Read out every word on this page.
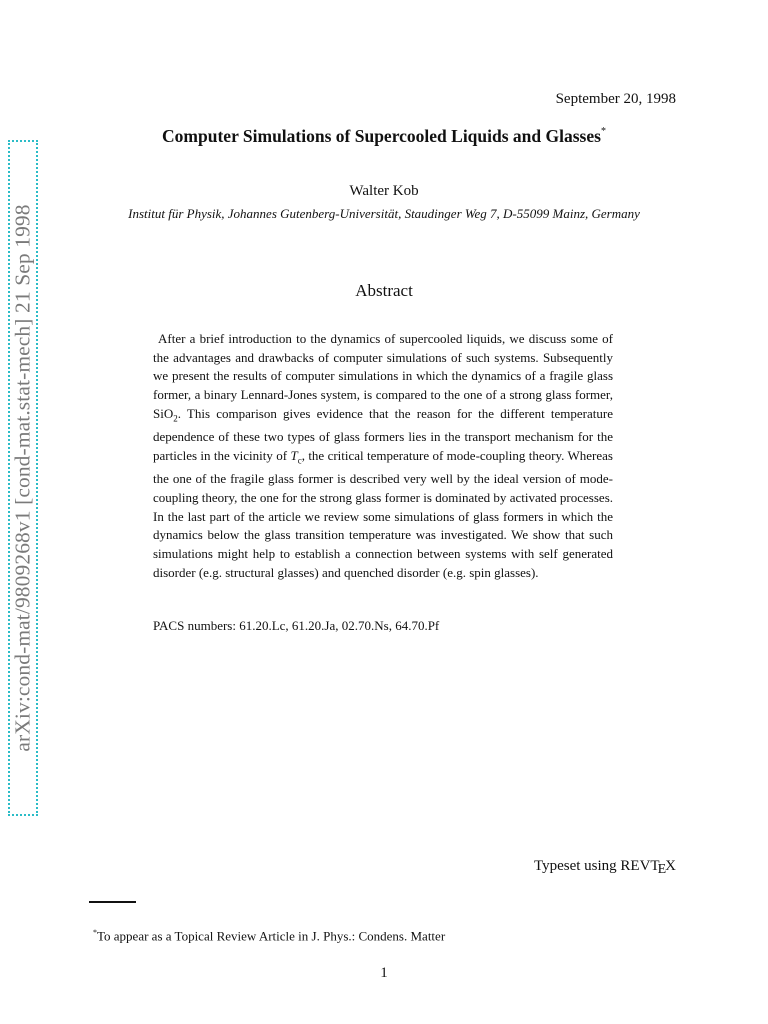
arXiv:cond-mat/9809268v1 [cond-mat.stat-mech] 21 Sep 1998
September 20, 1998
Computer Simulations of Supercooled Liquids and Glasses*
Walter Kob
Institut für Physik, Johannes Gutenberg-Universität, Staudinger Weg 7, D-55099 Mainz, Germany
Abstract
After a brief introduction to the dynamics of supercooled liquids, we discuss some of the advantages and drawbacks of computer simulations of such systems. Subsequently we present the results of computer simulations in which the dynamics of a fragile glass former, a binary Lennard-Jones system, is compared to the one of a strong glass former, SiO$_2$. This comparison gives evidence that the reason for the different temperature dependence of these two types of glass formers lies in the transport mechanism for the particles in the vicinity of $T_c$, the critical temperature of mode-coupling theory. Whereas the one of the fragile glass former is described very well by the ideal version of mode-coupling theory, the one for the strong glass former is dominated by activated processes. In the last part of the article we review some simulations of glass formers in which the dynamics below the glass transition temperature was investigated. We show that such simulations might help to establish a connection between systems with self generated disorder (e.g. structural glasses) and quenched disorder (e.g. spin glasses).
PACS numbers: 61.20.Lc, 61.20.Ja, 02.70.Ns, 64.70.Pf
Typeset using REVTEX
*To appear as a Topical Review Article in J. Phys.: Condens. Matter
1
